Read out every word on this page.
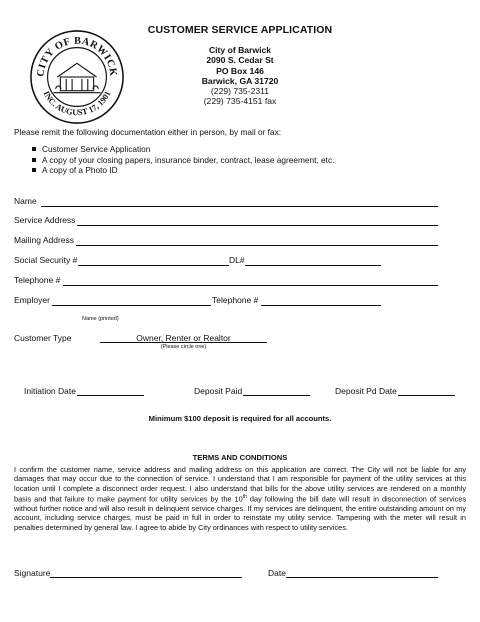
CITY OF BARWICK
INC. AUGUST 17, 1901
CUSTOMER SERVICE APPLICATION
City of Barwick
2090 S. Cedar St
PO Box 146
Barwick, GA 31720
(229) 735-2311
(229) 735-4151 fax
Please remit the following documentation either in person, by mail or fax:
Customer Service Application
A copy of your closing papers, insurance binder, contract, lease agreement, etc.
A copy of a Photo ID
Name
Service Address
Mailing Address
Social Security #	DL#
Telephone #
Employer	Telephone #
Name (printed)
Customer Type	Owner, Renter or Realtor
(Please circle one)
Initiation Date	Deposit Paid	Deposit Pd Date
Minimum $100 deposit is required for all accounts.
TERMS AND CONDITIONS
I confirm the customer name, service address and mailing address on this application are correct. The City will not be liable for any damages that may occur due to the connection of service. I understand that I am responsible for payment of the utility services at this location until I complete a disconnect order request. I also understand that bills for the above utility services are rendered on a monthly basis and that failure to make payment for utility services by the 10th day following the bill date will result in disconnection of services without further notice and will also result in delinquent service charges. If my services are delinquent, the entire outstanding amount on my account, including service charges, must be paid in full in order to reinstate my utility service. Tampering with the meter will result in penalties determined by general law. I agree to abide by City ordinances with respect to utility services.
Signature	Date
